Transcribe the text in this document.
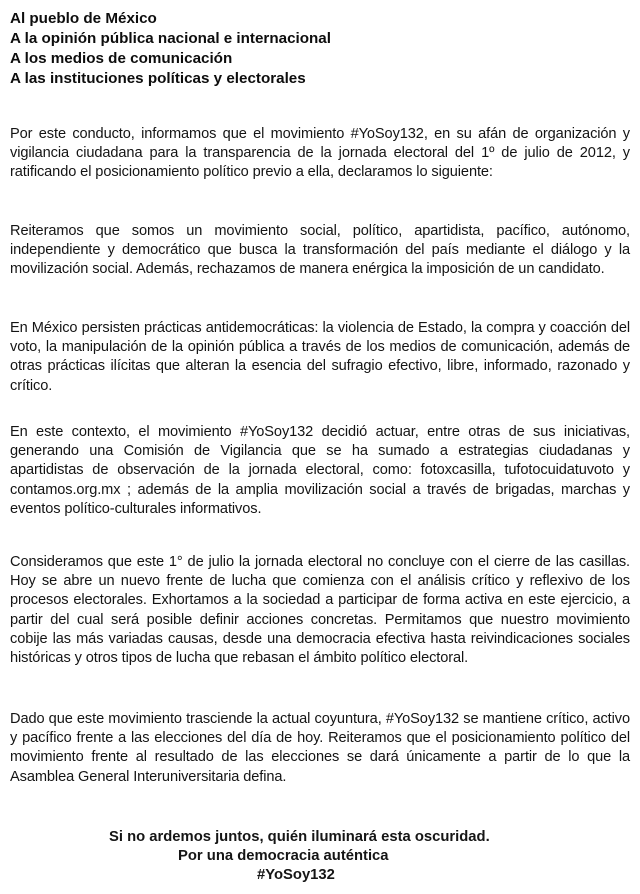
Al pueblo de México
A la opinión pública nacional e internacional
A los medios de comunicación
A las instituciones políticas y electorales

Por este conducto, informamos que el movimiento #YoSoy132, en su afán de organización y vigilancia ciudadana para la transparencia de la jornada electoral del 1º de julio de 2012, y ratificando el posicionamiento político previo a ella, declaramos lo siguiente:

Reiteramos que somos un movimiento social, político, apartidista, pacífico, autónomo, independiente y democrático que busca la transformación del país mediante el diálogo y la movilización social. Además, rechazamos de manera enérgica la imposición de un candidato.

En México persisten prácticas antidemocráticas: la violencia de Estado, la compra y coacción del voto, la manipulación de la opinión pública a través de los medios de comunicación, además de otras prácticas ilícitas que alteran la esencia del sufragio efectivo, libre, informado, razonado y crítico.

En este contexto, el movimiento #YoSoy132 decidió actuar, entre otras de sus iniciativas, generando una Comisión de Vigilancia que se ha sumado a estrategias ciudadanas y apartidistas de observación de la jornada electoral, como: fotoxcasilla, tufotocuidatuvoto y contamos.org.mx ; además de la amplia movilización social a través de brigadas, marchas y eventos político-culturales informativos.

Consideramos que este 1° de julio la jornada electoral no concluye con el cierre de las casillas. Hoy se abre un nuevo frente de lucha que comienza con el análisis crítico y reflexivo de los procesos electorales. Exhortamos a la sociedad a participar de forma activa en este ejercicio, a partir del cual será posible definir acciones concretas. Permitamos que nuestro movimiento cobije las más variadas causas, desde una democracia efectiva hasta reivindicaciones sociales históricas y otros tipos de lucha que rebasan el ámbito político electoral.

Dado que este movimiento trasciende la actual coyuntura, #YoSoy132 se mantiene crítico, activo y pacífico frente a las elecciones del día de hoy. Reiteramos que el posicionamiento político del movimiento frente al resultado de las elecciones se dará únicamente a partir de lo que la Asamblea General Interuniversitaria defina.

Si no ardemos juntos, quién iluminará esta oscuridad.
Por una democracia auténtica
#YoSoy132
